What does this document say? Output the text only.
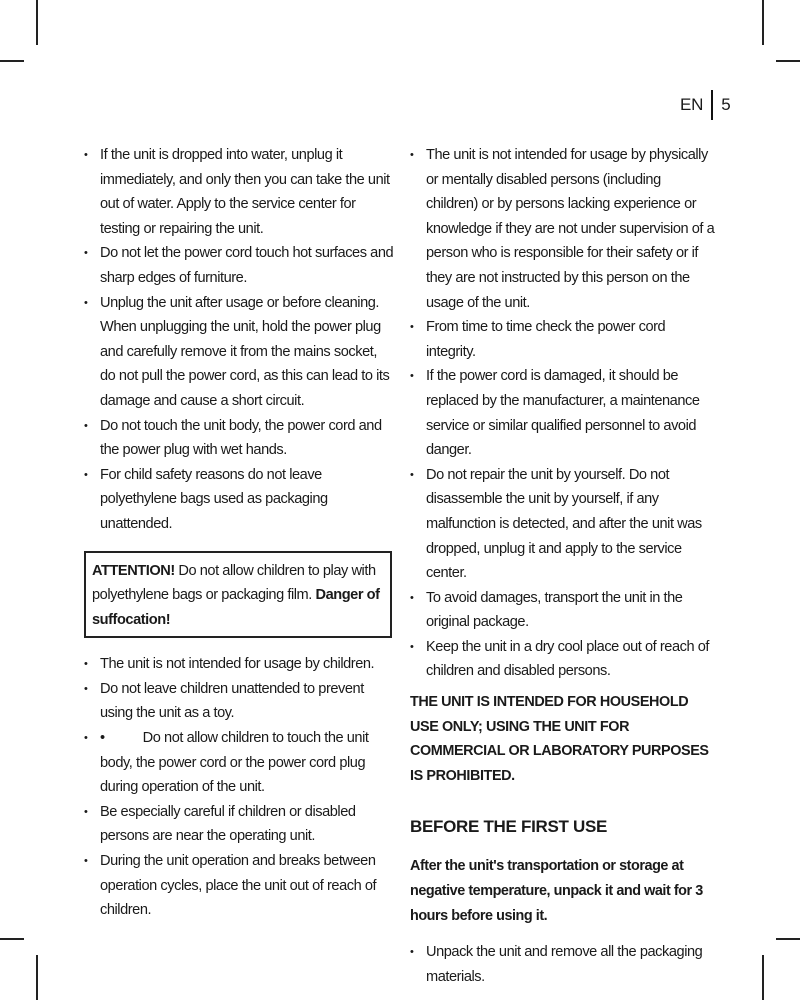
EN	5
• If the unit is dropped into water, unplug it immediately, and only then you can take the unit out of water. Apply to the service center for testing or repairing the unit.
• Do not let the power cord touch hot surfaces and sharp edges of furniture.
• Unplug the unit after usage or before cleaning. When unplugging the unit, hold the power plug and carefully remove it from the mains socket, do not pull the power cord, as this can lead to its damage and cause a short circuit.
• Do not touch the unit body, the power cord and the power plug with wet hands.
• For child safety reasons do not leave polyethylene bags used as packaging unattended.
ATTENTION! Do not allow children to play with polyethylene bags or packaging film. Danger of suffocation!
• The unit is not intended for usage by children.
• Do not leave children unattended to prevent using the unit as a toy.
• •	Do not allow children to touch the unit body, the power cord or the power cord plug during operation of the unit.
• Be especially careful if children or disabled persons are near the operating unit.
• During the unit operation and breaks between operation cycles, place the unit out of reach of children.
• The unit is not intended for usage by physically or mentally disabled persons (including children) or by persons lacking experience or knowledge if they are not under supervision of a person who is responsible for their safety or if they are not instructed by this person on the usage of the unit.
• From time to time check the power cord integrity.
• If the power cord is damaged, it should be replaced by the manufacturer, a maintenance service or similar qualified personnel to avoid danger.
• Do not repair the unit by yourself. Do not disassemble the unit by yourself, if any malfunction is detected, and after the unit was dropped, unplug it and apply to the service center.
• To avoid damages, transport the unit in the original package.
• Keep the unit in a dry cool place out of reach of children and disabled persons.
THE UNIT IS INTENDED FOR HOUSEHOLD USE ONLY; USING THE UNIT FOR COMMERCIAL OR LABORATORY PURPOSES IS PROHIBITED.
BEFORE THE FIRST USE
After the unit's transportation or storage at negative temperature, unpack it and wait for 3 hours before using it.
• Unpack the unit and remove all the packaging materials.
